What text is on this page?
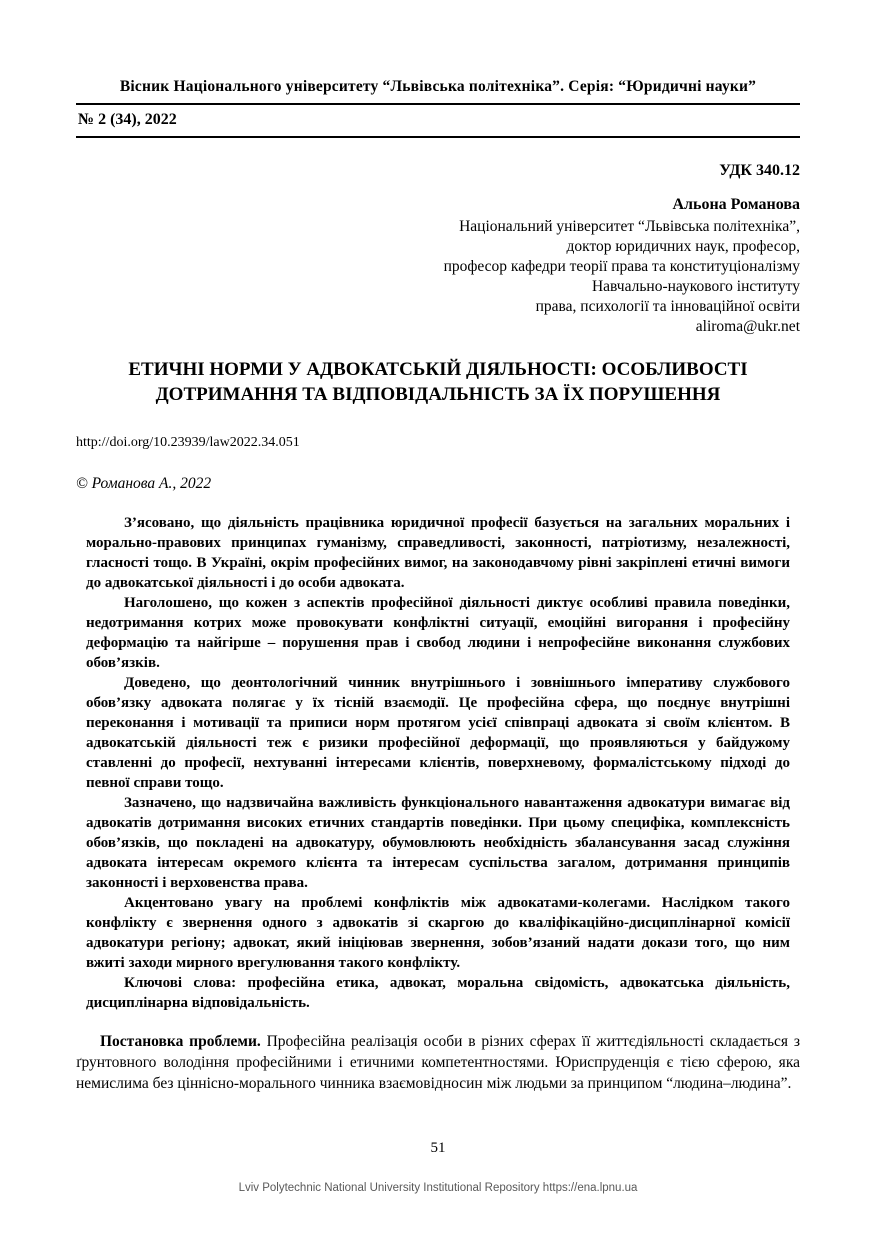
Вісник Національного університету “Львівська політехніка”. Серія: “Юридичні науки”
№ 2 (34), 2022
УДК 340.12
Альона Романова
Національний університет “Львівська політехніка”,
доктор юридичних наук, професор,
професор кафедри теорії права та конституціоналізму
Навчально-наукового інституту
права, психології та інноваційної освіти
aliroma@ukr.net
ЕТИЧНІ НОРМИ У АДВОКАТСЬКІЙ ДІЯЛЬНОСТІ: ОСОБЛИВОСТІ ДОТРИМАННЯ ТА ВІДПОВІДАЛЬНІСТЬ ЗА ЇХ ПОРУШЕННЯ
http://doi.org/10.23939/law2022.34.051
© Романова А., 2022

З’ясовано, що діяльність працівника юридичної професії базується на загальних моральних і морально-правових принципах гуманізму, справедливості, законності, патріотизму, незалежності, гласності тощо. В Україні, окрім професійних вимог, на законодавчому рівні закріплені етичні вимоги до адвокатської діяльності і до особи адвоката.

Наголошено, що кожен з аспектів професійної діяльності диктує особливі правила поведінки, недотримання котрих може провокувати конфліктні ситуації, емоційні вигорання і професійну деформацію та найгірше – порушення прав і свобод людини і непрофесійне виконання службових обов’язків.

Доведено, що деонтологічний чинник внутрішнього і зовнішнього імперативу службового обов’язку адвоката полягає у їх тісній взаємодії. Це професійна сфера, що поєднує внутрішні переконання і мотивації та приписи норм протягом усієї співпраці адвоката зі своїм клієнтом. В адвокатській діяльності теж є ризики професійної деформації, що проявляються у байдужому ставленні до професії, нехтуванні інтересами клієнтів, поверхневому, формалістському підході до певної справи тощо.

Зазначено, що надзвичайна важливість функціонального навантаження адвокатури вимагає від адвокатів дотримання високих етичних стандартів поведінки. При цьому специфіка, комплексність обов’язків, що покладені на адвокатуру, обумовлюють необхідність збалансування засад служіння адвоката інтересам окремого клієнта та інтересам суспільства загалом, дотримання принципів законності і верховенства права.

Акцентовано увагу на проблемі конфліктів між адвокатами-колегами. Наслідком такого конфлікту є звернення одного з адвокатів зі скаргою до кваліфікаційно-дисциплінарної комісії адвокатури регіону; адвокат, який ініціював звернення, зобов’язаний надати докази того, що ним вжиті заходи мирного врегулювання такого конфлікту.

Ключові слова: професійна етика, адвокат, моральна свідомість, адвокатська діяльність, дисциплінарна відповідальність.

Постановка проблеми. Професійна реалізація особи в різних сферах її життєдіяльності складається з ґрунтовного володіння професійними і етичними компетентностями. Юриспруденція є тією сферою, яка немислима без ціннісно-морального чинника взаємовідносин між людьми за принципом “людина–людина”.

51
Lviv Polytechnic National University Institutional Repository https://ena.lpnu.ua
